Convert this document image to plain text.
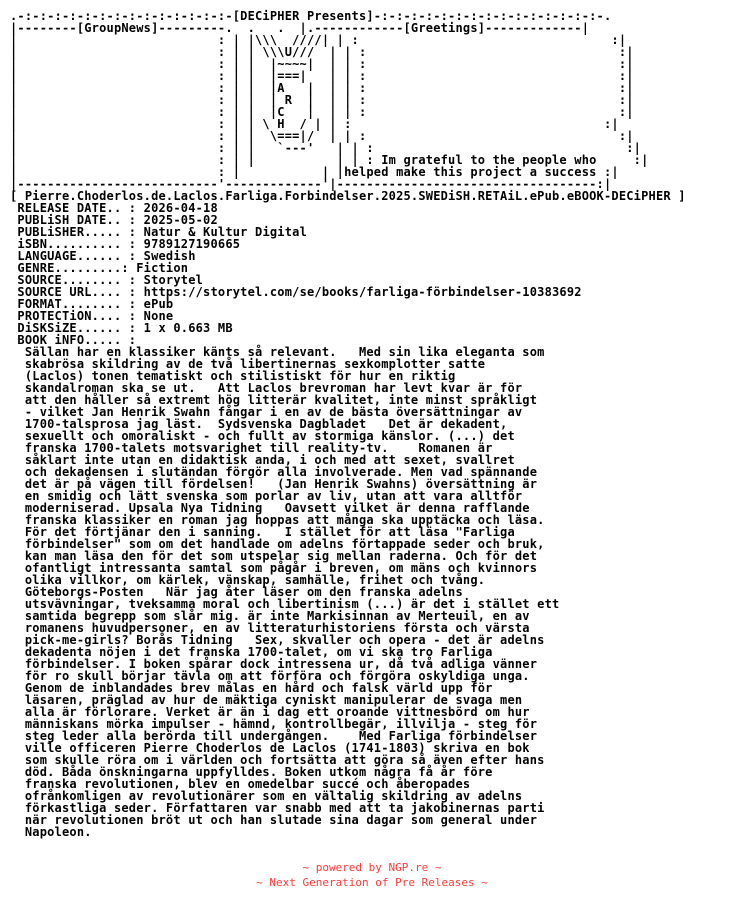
.-:-:-:-:-:-:-:-:-:-:-:-:-:-:-[DECiPHER Presents]-:-:-:-:-:-:-:-:-:-:-:-:-:-:-:-.
|--------[GroupNews]---------.  .   .  |.------------[Greetings]-------------|
|                           : | |\\\  ////| | :                                  :|
|                           : | | \\\U///  | | :                                  :|
|                           : | |  |~~~~|  | | :                                  :|
|                           : | |  |===|   | | :                                  :|
|                           : | |  |A   |  | | :                                  :|
|                           : | |  | R  |  | | :                                  :|
|                           : | |  |C   |  | | :                                  :|
|                           : | | \ H  / | | :                                  :|
|                           : | |  \===|/  | | :                                  :|
|                           : | |   `---'   | | :                                  :|
|                           : | |           | | : Im grateful to the people who     :|
|                           : |           | |helped make this project a success :|
|---------------------------'-------------'|-----------------------------------:|
[ Pierre.Choderlos.de.Laclos.Farliga.Forbindelser.2025.SWEDiSH.RETAiL.ePub.eBOOK-DECiPHER ]
RELEASE DATE.. : 2026-04-18
PUBLiSH DATE.. : 2025-05-02
PUBLiSHER..... : Natur & Kultur Digital
iSBN.......... : 9789127190665
LANGUAGE...... : Swedish
GENRE.........: Fiction
SOURCE........ : Storytel
SOURCE URL.... : https://storytel.com/se/books/farliga-förbindelser-10383692
FORMAT........ : ePub
PROTECTiON.... : None
DiSKSiZE...... : 1 x 0.663 MB
BOOK iNFO..... :
Sällan har en klassiker känts så relevant.   Med sin lika eleganta som
skabrösa skildring av de två libertinernas sexkomplotter satte
(Laclos) tonen tematiskt och stilistiskt för hur en riktig
skandalroman ska se ut.   Att Laclos brevroman har levt kvar är för
att den håller så extremt hög litterär kvalitet, inte minst språkligt
- vilket Jan Henrik Swahn fångar i en av de bästa översättningar av
1700-talsprosa jag läst.  Sydsvenska Dagbladet   Det är dekadent,
sexuellt och omoraliskt - och fullt av stormiga känslor. (...) det
franska 1700-talets motsvarighet till reality-tv.    Romanen är
såklart inte utan en didaktisk anda, i och med att sexet, svallret
och dekadensen i slutändan förgör alla involverade. Men vad spännande
det är på vägen till fördelsen!   (Jan Henrik Swahns) översättning är
en smidig och lätt svenska som porlar av liv, utan att vara alltför
moderniserad. Upsala Nya Tidning   Oavsett vilket är denna rafflande
franska klassiker en roman jag hoppas att många ska upptäcka och läsa.
För det förtjänar den i sanning.   I stället för att läsa "Farliga
förbindelser" som om det handlade om adelns förtappade seder och bruk,
kan man läsa den för det som utspelar sig mellan raderna. Och för det
ofantligt intressanta samtal som pågår i breven, om mäns och kvinnors
olika villkor, om kärlek, vänskap, samhälle, frihet och tvång.
Göteborgs-Posten   När jag åter läser om den franska adelns
utsvävningar, tveksamma moral och libertinism (...) är det i stället ett
samtida begrepp som slår mig. är inte Markisinnan av Merteuil, en av
romanens huvudpersoner, en av litteraturhistoriens första och värsta
pick-me-girls? Borås Tidning   Sex, skvaller och opera - det är adelns
dekadenta nöjen i det franska 1700-talet, om vi ska tro Farliga
förbindelser. I boken spårar dock intressena ur, då två adliga vänner
för ro skull börjar tävla om att förföra och förgöra oskyldiga unga.
Genom de inblandades brev målas en hård och falsk värld upp för
läsaren, präglad av hur de mäktiga cyniskt manipulerar de svaga men
alla är förlorare. Verket är än i dag ett oroande vittnesbörd om hur
människans mörka impulser - hämnd, kontrollbegär, illvilja - steg för
steg leder alla berörda till undergången.    Med Farliga förbindelser
ville officeren Pierre Choderlos de Laclos (1741-1803) skriva en bok
som skulle röra om i världen och fortsätta att göra så även efter hans
död. Båda önskningarna uppfylldes. Boken utkom några få år före
franska revolutionen, blev en omedelbar succé och åberopades
ofrånkomligen av revolutionärer som en vältalig skildring av adelns
förkastliga seder. Författaren var snabb med att ta jakobinernas parti
när revolutionen bröt ut och han slutade sina dagar som general under
Napoleon.
~ powered by NGP.re ~
~ Next Generation of Pre Releases ~
